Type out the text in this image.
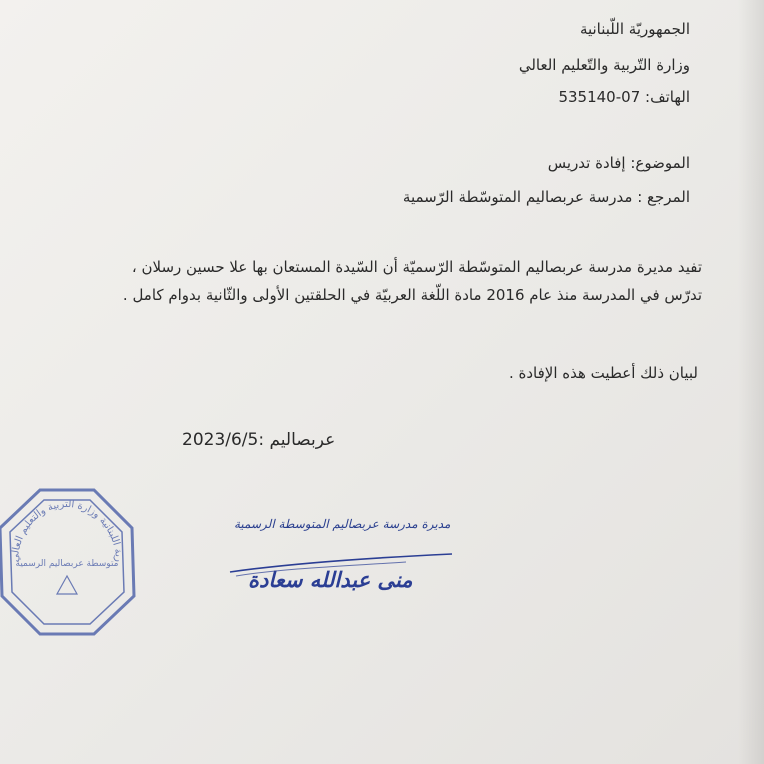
الجمهوريّة اللّبنانية
وزارة التّربية والتّعليم العالي
الهاتف: 07-535140
الموضوع: إفادة تدريس
المرجع : مدرسة عربصاليم المتوسّطة الرّسمية
تفيد مديرة مدرسة عربصاليم المتوسّطة الرّسميّة أن السّيدة المستعان بها علا حسين رسلان ،
تدرّس في المدرسة منذ عام 2016 مادة اللّغة العربيّة في الحلقتين الأولى والثّانية بدوام كامل .
لبيان ذلك أعطيت هذه الإفادة .
عربصاليم :2023/6/5
مديرة مدرسة عربصاليم المتوسطة الرسمية
منى عبدالله سعادة
رية اللبنانية وزارة التربية والتعليم العالي
متوسطة عربصاليم الرسمية
